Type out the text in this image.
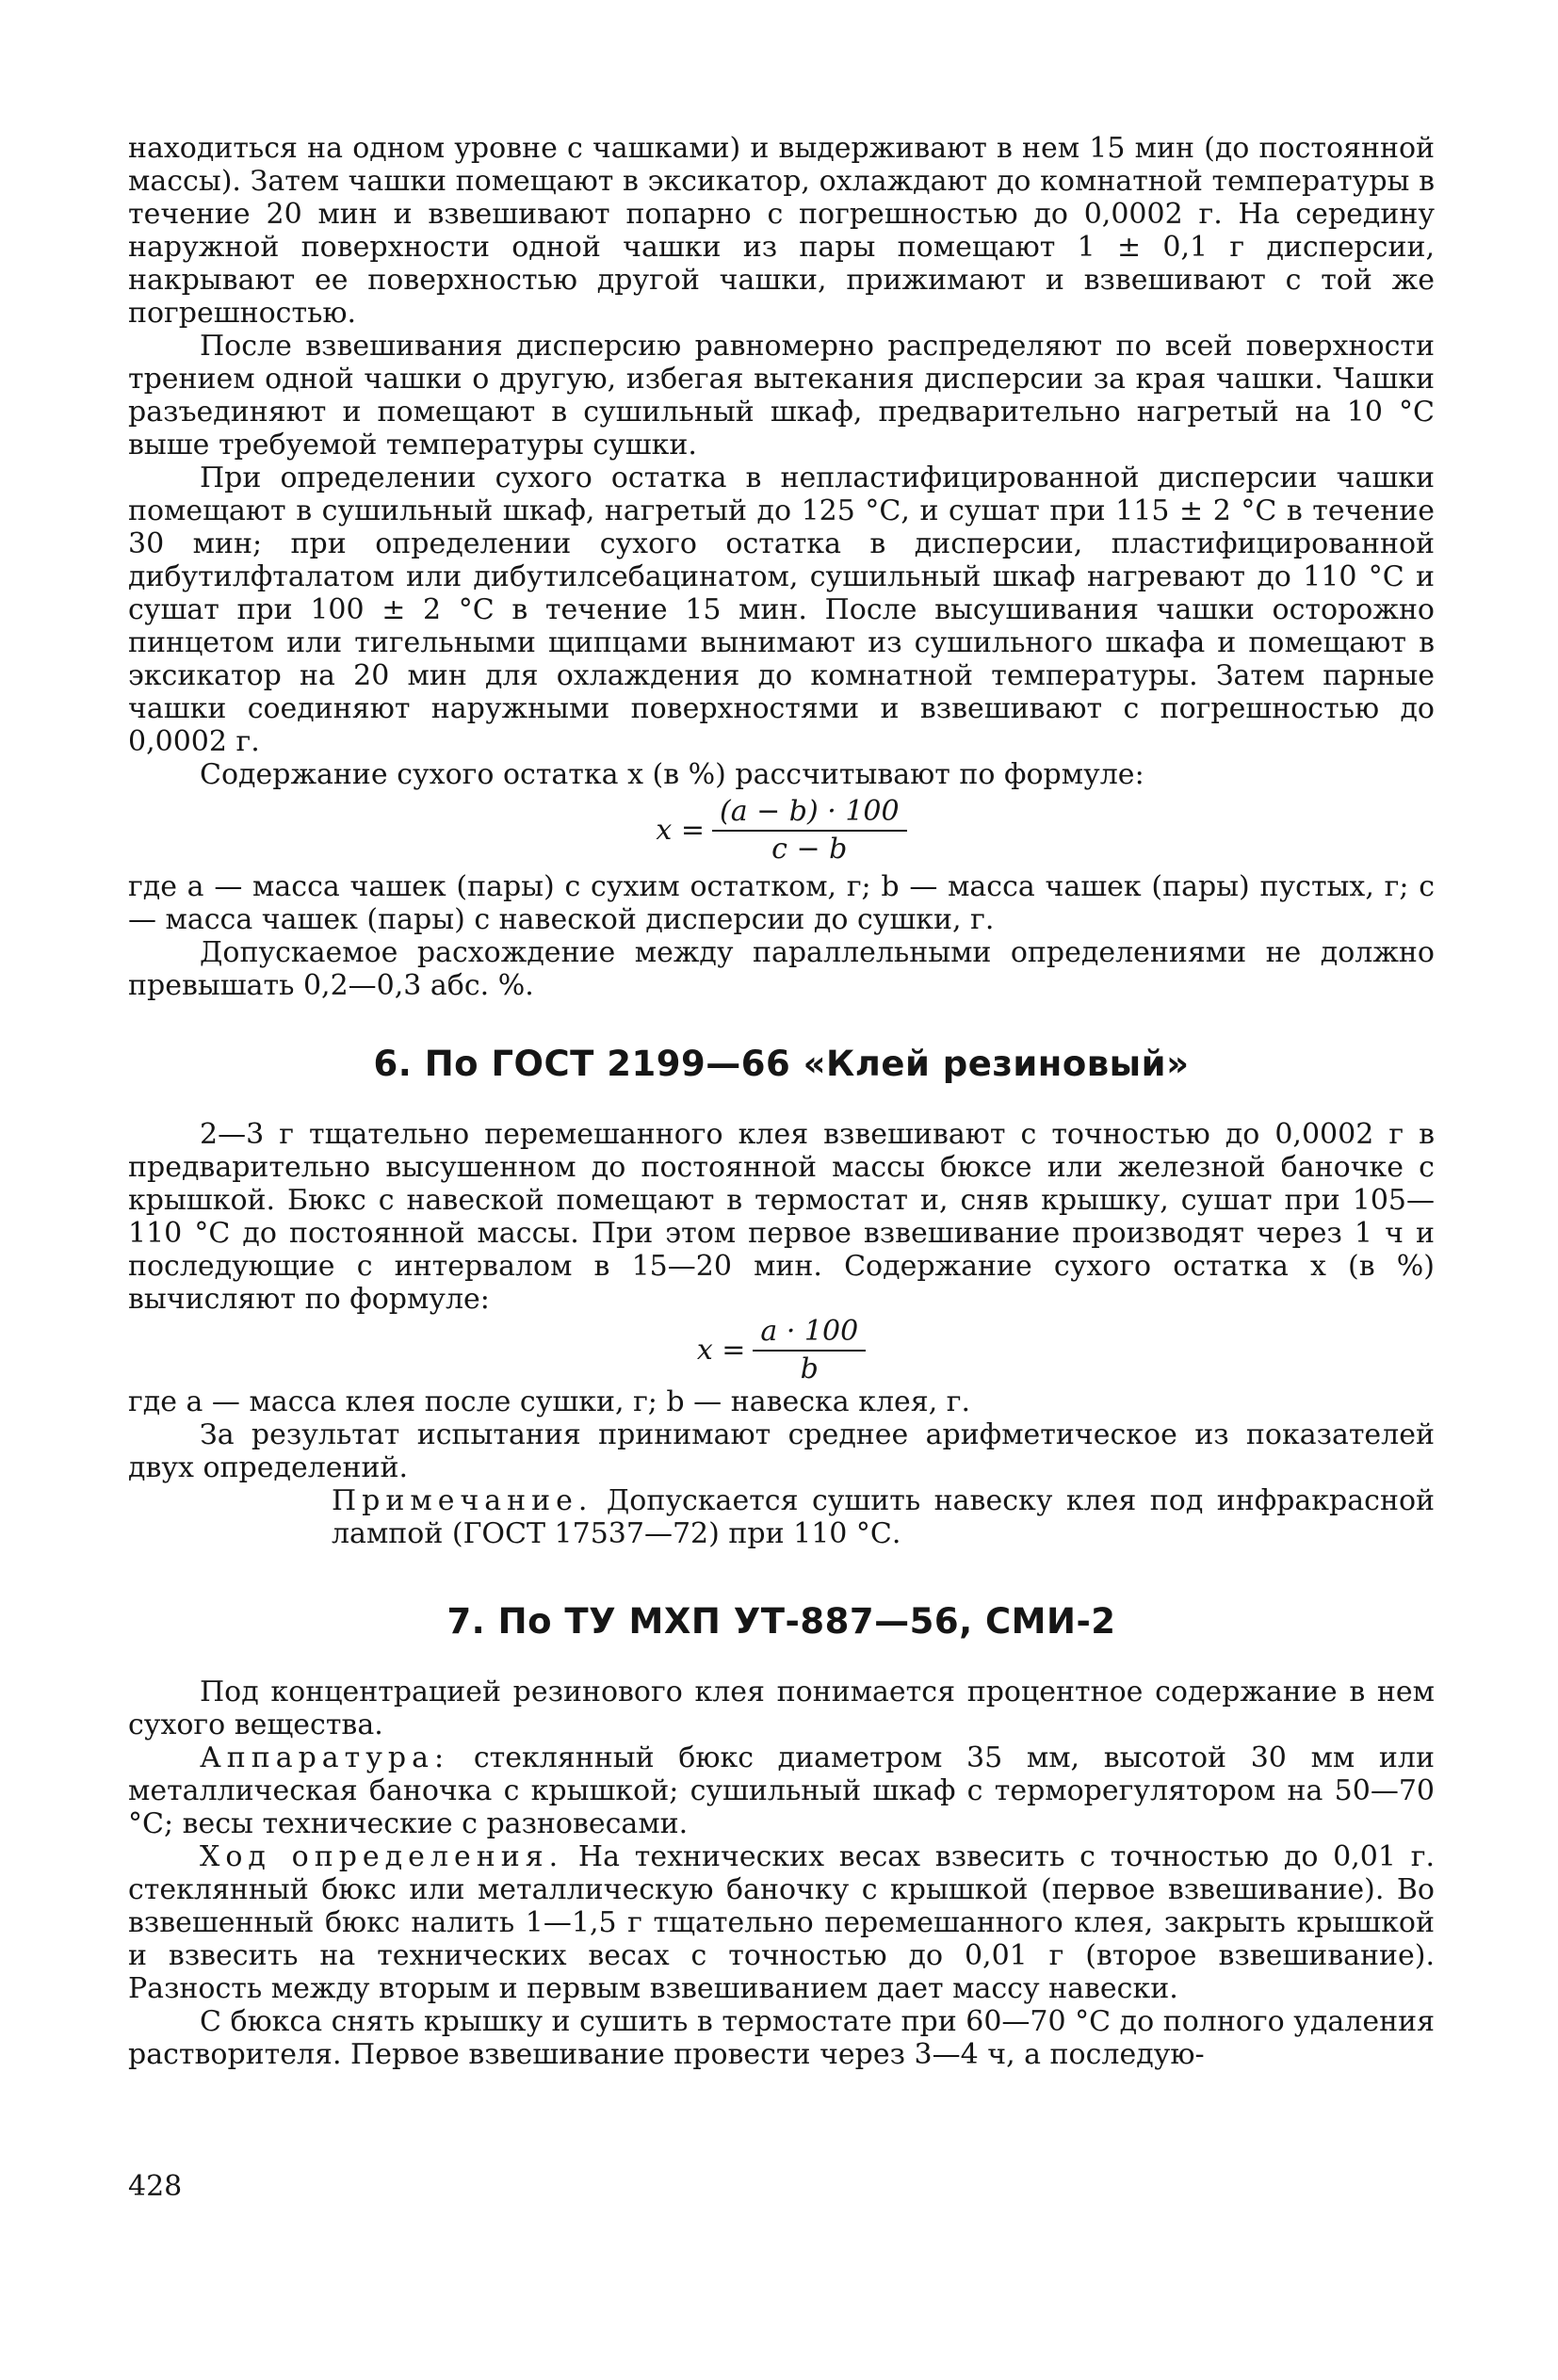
находиться на одном уровне с чашками) и выдерживают в нем 15 мин (до постоянной массы). Затем чашки помещают в эксикатор, охлаждают до комнатной температуры в течение 20 мин и взвешивают попарно с погрешностью до 0,0002 г. На середину наружной поверхности одной чашки из пары помещают 1 ± 0,1 г дисперсии, накрывают ее поверхностью другой чашки, прижимают и взвешивают с той же погрешностью.

После взвешивания дисперсию равномерно распределяют по всей поверхности трением одной чашки о другую, избегая вытекания дисперсии за края чашки. Чашки разъединяют и помещают в сушильный шкаф, предварительно нагретый на 10 °С выше требуемой температуры сушки.

При определении сухого остатка в непластифицированной дисперсии чашки помещают в сушильный шкаф, нагретый до 125 °С, и сушат при 115 ± 2 °С в течение 30 мин; при определении сухого остатка в дисперсии, пластифицированной дибутилфталатом или дибутилсебацинатом, сушильный шкаф нагревают до 110 °С и сушат при 100 ± 2 °С в течение 15 мин. После высушивания чашки осторожно пинцетом или тигельными щипцами вынимают из сушильного шкафа и помещают в эксикатор на 20 мин для охлаждения до комнатной температуры. Затем парные чашки соединяют наружными поверхностями и взвешивают с погрешностью до 0,0002 г.

Содержание сухого остатка x (в %) рассчитывают по формуле:

$x = \frac{(a - b) \cdot 100}{c - b}$

где a — масса чашек (пары) с сухим остатком, г; b — масса чашек (пары) пустых, г; c — масса чашек (пары) с навеской дисперсии до сушки, г.

Допускаемое расхождение между параллельными определениями не должно превышать 0,2—0,3 абс. %.

6. По ГОСТ 2199—66 «Клей резиновый»

2—3 г тщательно перемешанного клея взвешивают с точностью до 0,0002 г в предварительно высушенном до постоянной массы бюксе или железной баночке с крышкой. Бюкс с навеской помещают в термостат и, сняв крышку, сушат при 105—110 °С до постоянной массы. При этом первое взвешивание производят через 1 ч и последующие с интервалом в 15—20 мин. Содержание сухого остатка x (в %) вычисляют по формуле:

$x = \frac{a \cdot 100}{b}$

где a — масса клея после сушки, г; b — навеска клея, г.

За результат испытания принимают среднее арифметическое из показателей двух определений.

Примечание. Допускается сушить навеску клея под инфракрасной лампой (ГОСТ 17537—72) при 110 °С.

7. По ТУ МХП УТ-887—56, СМИ-2

Под концентрацией резинового клея понимается процентное содержание в нем сухого вещества.

Аппаратура: стеклянный бюкс диаметром 35 мм, высотой 30 мм или металлическая баночка с крышкой; сушильный шкаф с терморегулятором на 50—70 °С; весы технические с разновесами.

Ход определения. На технических весах взвесить с точностью до 0,01 г. стеклянный бюкс или металлическую баночку с крышкой (первое взвешивание). Во взвешенный бюкс налить 1—1,5 г тщательно перемешанного клея, закрыть крышкой и взвесить на технических весах с точностью до 0,01 г (второе взвешивание). Разность между вторым и первым взвешиванием дает массу навески.

С бюкса снять крышку и сушить в термостате при 60—70 °С до полного удаления растворителя. Первое взвешивание провести через 3—4 ч, а последую-

428
